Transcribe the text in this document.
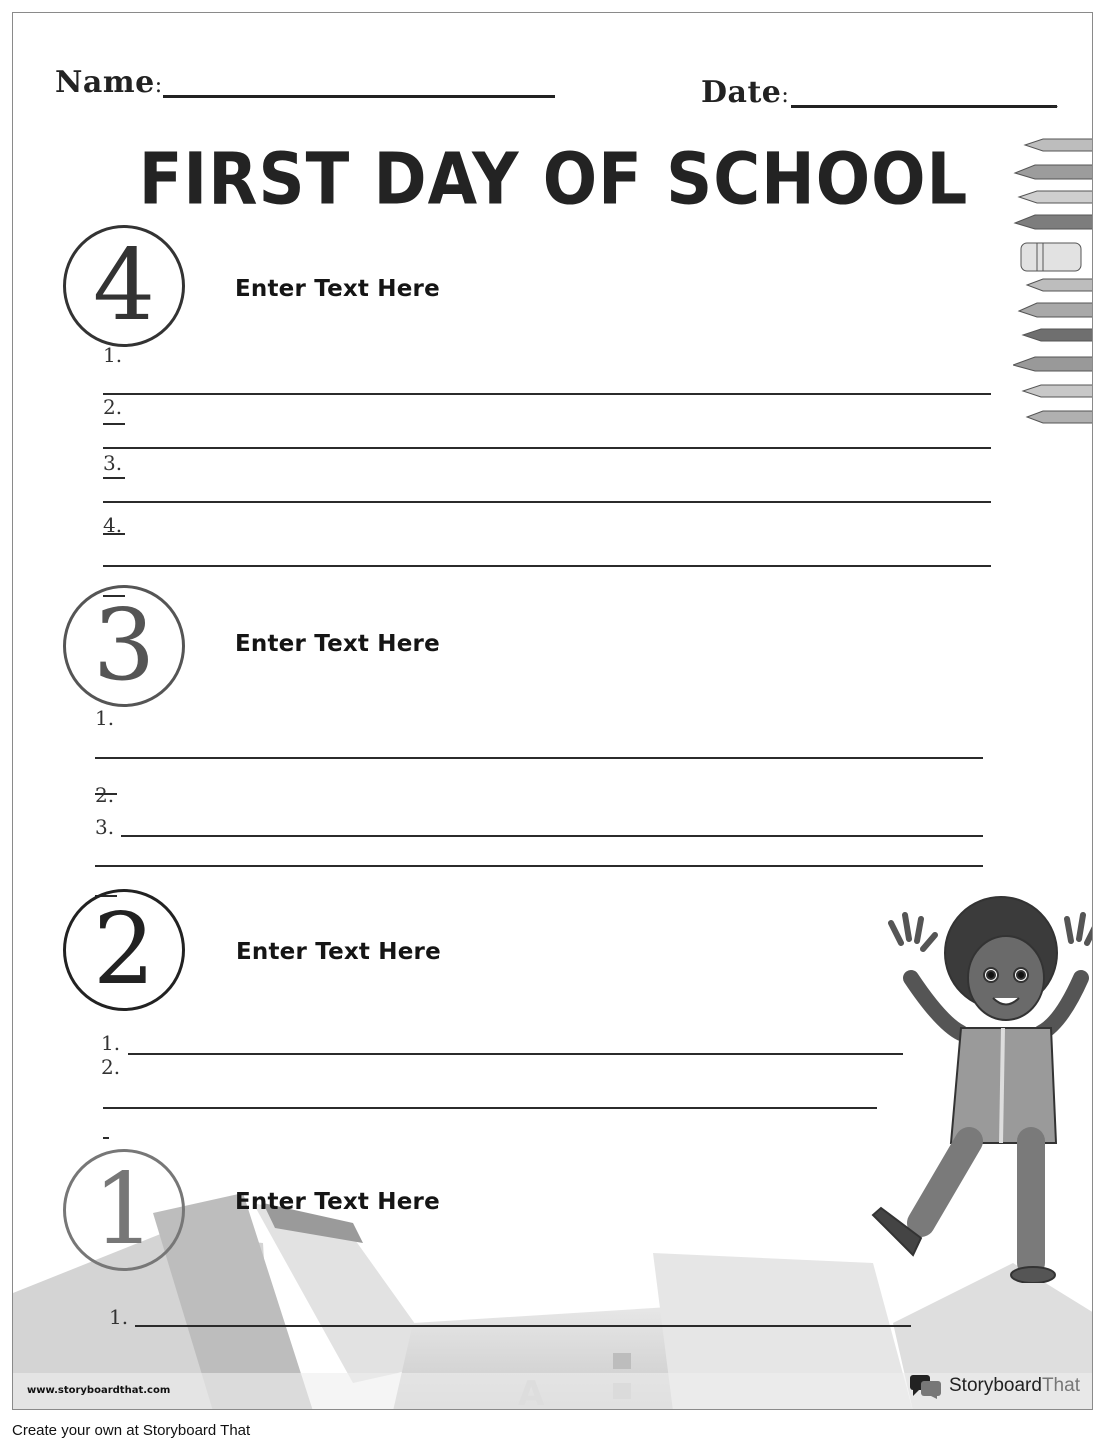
Name:	Date:	_
FIRST DAY OF SCHOOL
4	Enter Text Here
1.
2.
3.
4.
3	Enter Text Here
1.
2.
3.
2	Enter Text Here
1.
2.
1	Enter Text Here
1.
www.storyboardthat.com	StoryboardThat
Create your own at Storyboard That
